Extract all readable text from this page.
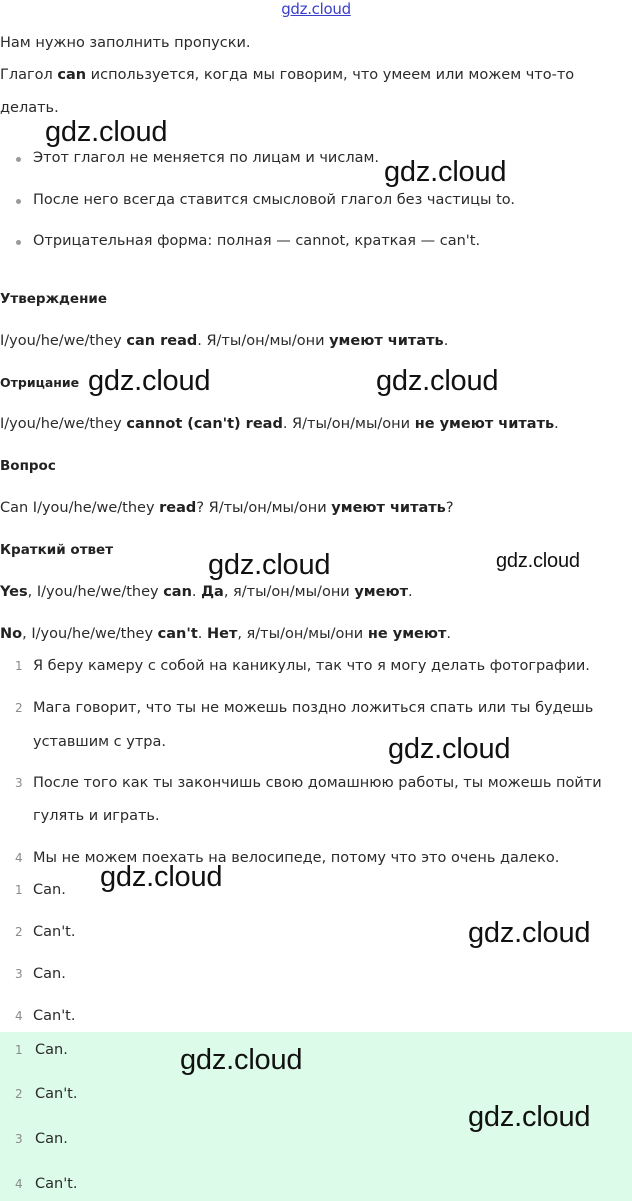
gdz.cloud
Нам нужно заполнить пропуски.
Глагол can используется, когда мы говорим, что умеем или можем что-то
делать.
Этот глагол не меняется по лицам и числам.
После него всегда ставится смысловой глагол без частицы to.
Отрицательная форма: полная — cannot, краткая — can't.
Утверждение
I/you/he/we/they can read. Я/ты/он/мы/они умеют читать.
Отрицание
I/you/he/we/they cannot (can't) read. Я/ты/он/мы/они не умеют читать.
Вопрос
Can I/you/he/we/they read? Я/ты/он/мы/они умеют читать?
Краткий ответ
Yes, I/you/he/we/they can. Да, я/ты/он/мы/они умеют.
No, I/you/he/we/they can't. Нет, я/ты/он/мы/они не умеют.
1 Я беру камеру с собой на каникулы, так что я могу делать фотографии.
2 Мага говорит, что ты не можешь поздно ложиться спать или ты будешь
уставшим с утра.
3 После того как ты закончишь свою домашнюю работы, ты можешь пойти
гулять и играть.
4 Мы не можем поехать на велосипеде, потому что это очень далеко.
1 Can.
2 Can't.
3 Can.
4 Can't.
1 Can.
2 Can't.
3 Can.
4 Can't.
gdz.cloud
gdz.cloud
gdz.cloud	gdz.cloud
gdz.cloud	gdz.cloud
gdz.cloud
gdz.cloud
gdz.cloud
gdz.cloud
gdz.cloud
